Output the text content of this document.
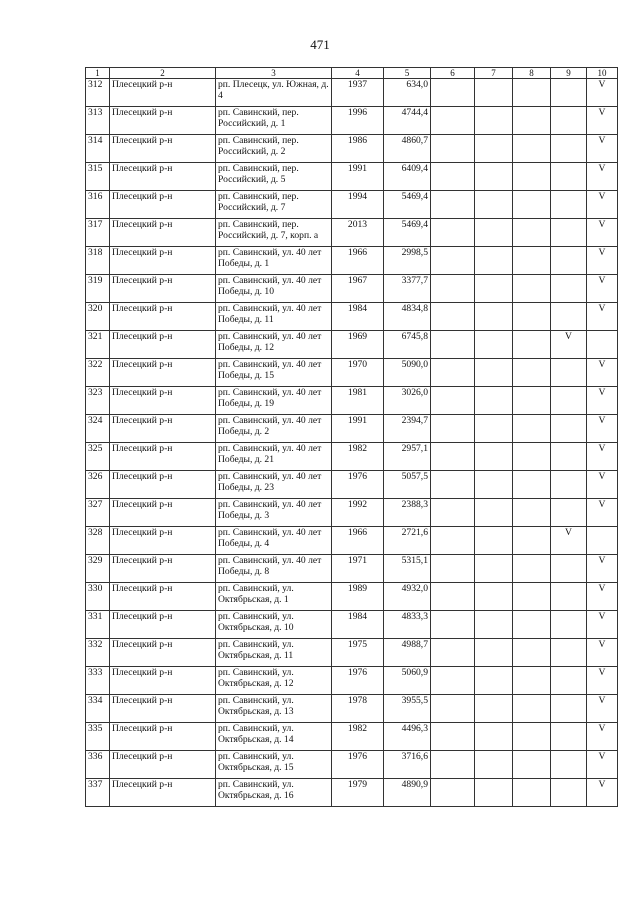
471
1	2	3	4	5	6	7	8	9	10
312	Плесецкий р-н	рп. Плесецк, ул. Южная, д. 4	1937	634,0					V
313	Плесецкий р-н	рп. Савинский, пер. Российский, д. 1	1996	4744,4					V
314	Плесецкий р-н	рп. Савинский, пер. Российский, д. 2	1986	4860,7					V
315	Плесецкий р-н	рп. Савинский, пер. Российский, д. 5	1991	6409,4					V
316	Плесецкий р-н	рп. Савинский, пер. Российский, д. 7	1994	5469,4					V
317	Плесецкий р-н	рп. Савинский, пер. Российский, д. 7, корп. а	2013	5469,4					V
318	Плесецкий р-н	рп. Савинский, ул. 40 лет Победы, д. 1	1966	2998,5					V
319	Плесецкий р-н	рп. Савинский, ул. 40 лет Победы, д. 10	1967	3377,7					V
320	Плесецкий р-н	рп. Савинский, ул. 40 лет Победы, д. 11	1984	4834,8					V
321	Плесецкий р-н	рп. Савинский, ул. 40 лет Победы, д. 12	1969	6745,8				V	
322	Плесецкий р-н	рп. Савинский, ул. 40 лет Победы, д. 15	1970	5090,0					V
323	Плесецкий р-н	рп. Савинский, ул. 40 лет Победы, д. 19	1981	3026,0					V
324	Плесецкий р-н	рп. Савинский, ул. 40 лет Победы, д. 2	1991	2394,7					V
325	Плесецкий р-н	рп. Савинский, ул. 40 лет Победы, д. 21	1982	2957,1					V
326	Плесецкий р-н	рп. Савинский, ул. 40 лет Победы, д. 23	1976	5057,5					V
327	Плесецкий р-н	рп. Савинский, ул. 40 лет Победы, д. 3	1992	2388,3					V
328	Плесецкий р-н	рп. Савинский, ул. 40 лет Победы, д. 4	1966	2721,6				V	
329	Плесецкий р-н	рп. Савинский, ул. 40 лет Победы, д. 8	1971	5315,1					V
330	Плесецкий р-н	рп. Савинский, ул. Октябрьская, д. 1	1989	4932,0					V
331	Плесецкий р-н	рп. Савинский, ул. Октябрьская, д. 10	1984	4833,3					V
332	Плесецкий р-н	рп. Савинский, ул. Октябрьская, д. 11	1975	4988,7					V
333	Плесецкий р-н	рп. Савинский, ул. Октябрьская, д. 12	1976	5060,9					V
334	Плесецкий р-н	рп. Савинский, ул. Октябрьская, д. 13	1978	3955,5					V
335	Плесецкий р-н	рп. Савинский, ул. Октябрьская, д. 14	1982	4496,3					V
336	Плесецкий р-н	рп. Савинский, ул. Октябрьская, д. 15	1976	3716,6					V
337	Плесецкий р-н	рп. Савинский, ул. Октябрьская, д. 16	1979	4890,9					V
